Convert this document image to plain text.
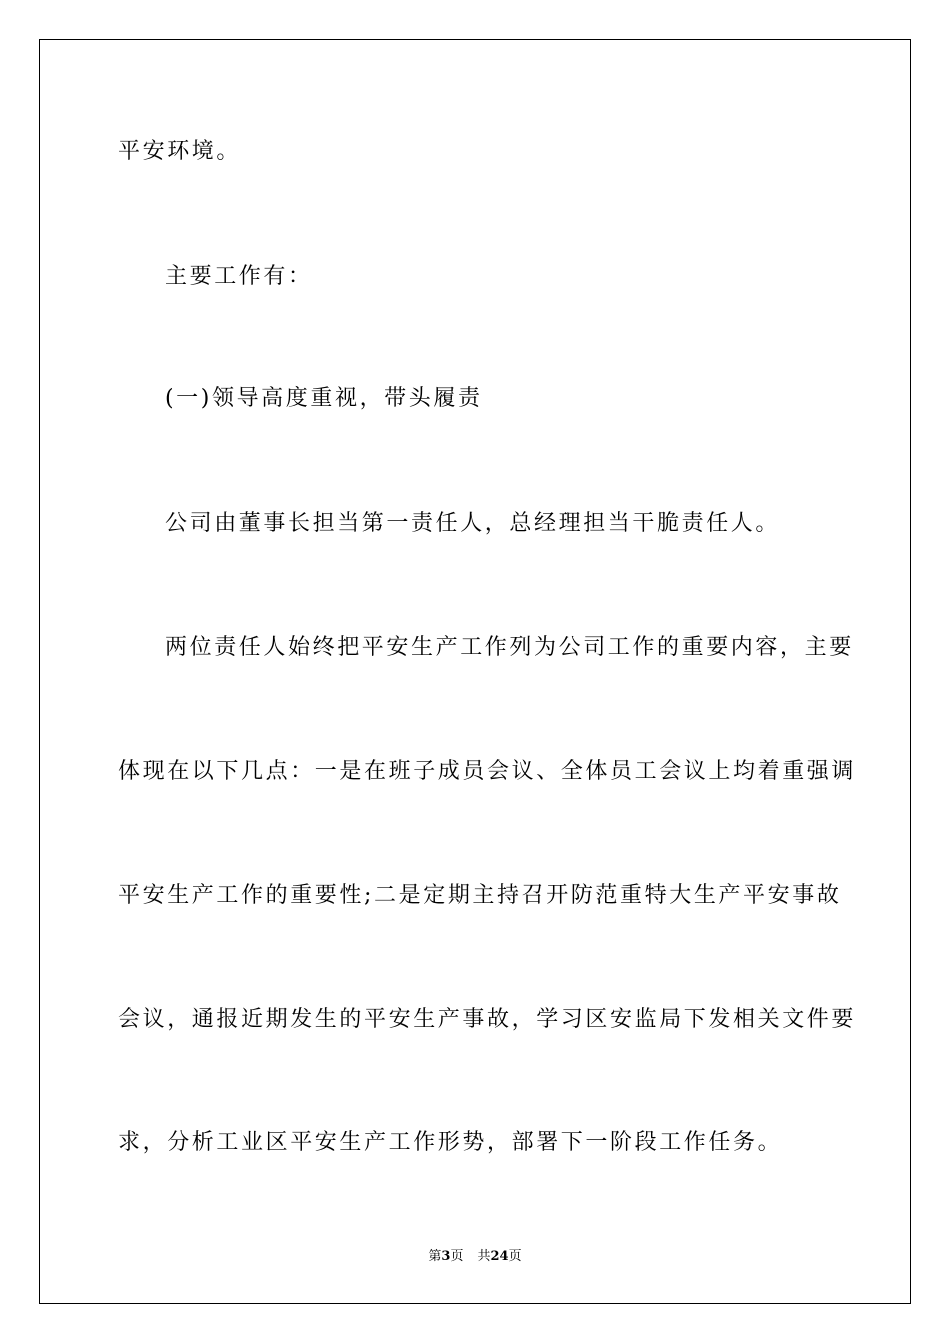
平安环境。
主要工作有：
(一)领导高度重视，带头履责
公司由董事长担当第一责任人，总经理担当干脆责任人。
两位责任人始终把平安生产工作列为公司工作的重要内容，主要
体现在以下几点：一是在班子成员会议、全体员工会议上均着重强调
平安生产工作的重要性;二是定期主持召开防范重特大生产平安事故
会议，通报近期发生的平安生产事故，学习区安监局下发相关文件要
求，分析工业区平安生产工作形势，部署下一阶段工作任务。
第3页 共24页
